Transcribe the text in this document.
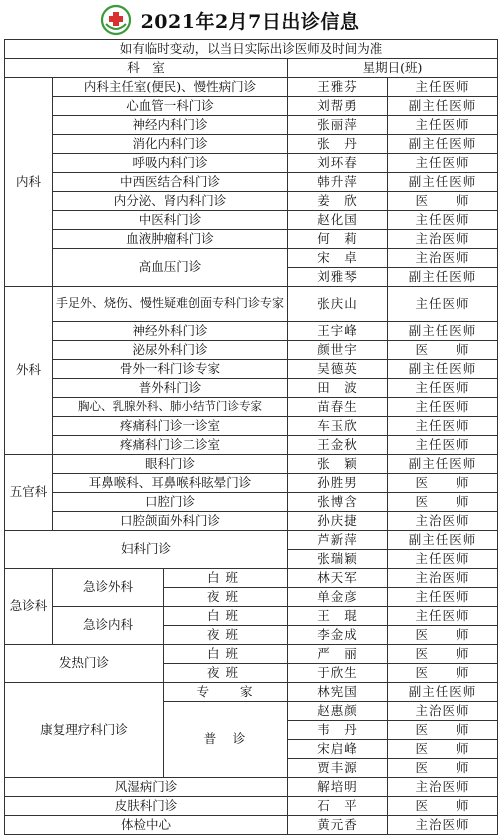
2021年2月7日出诊信息
如有临时变动，以当日实际出诊医师及时间为准				
科　室			星期日(班)	
内科	内科主任室(便民)、慢性病门诊		王雅芬	主任医师
	心血管一科门诊		刘帮勇	副主任医师
	神经内科门诊		张丽萍	主任医师
	消化内科门诊		张　丹	副主任医师
	呼吸内科门诊		刘环春	主任医师
	中西医结合科门诊		韩升萍	副主任医师
	内分泌、肾内科门诊		姜　欣	医　　师
	中医科门诊		赵化国	主任医师
	血液肿瘤科门诊		何　莉	主治医师
	高血压门诊		宋　卓	主治医师
			刘雅琴	副主任医师
外科	手足外、烧伤、慢性疑难创面专科门诊专家		张庆山	主任医师
	神经外科门诊		王宇峰	副主任医师
	泌尿外科门诊		颜世宇	医　　师
	骨外一科门诊专家		吴德英	副主任医师
	普外科门诊		田　波	主任医师
	胸心、乳腺外科、肺小结节门诊专家		苗春生	主任医师
	疼痛科门诊一诊室		车玉欣	主任医师
	疼痛科门诊二诊室		王金秋	主任医师
五官科	眼科门诊		张　颖	副主任医师
	耳鼻喉科、耳鼻喉科眩晕门诊		孙胜男	医　　师
	口腔门诊		张博含	医　　师
	口腔颌面外科门诊		孙庆捷	主治医师
妇科门诊			芦新萍	副主任医师
			张瑞颖	主任医师
急诊科	急诊外科	白班	林天军	主治医师
		夜班	单金彦	主任医师
	急诊内科	白班	王　琨	主任医师
		夜班	李金成	医　　师
发热门诊		白班	严　丽	医　　师
		夜班	于欣生	医　　师
康复理疗科门诊		专　　家	林宪国	副主任医师
		普　诊	赵惠颜	主治医师
			韦　丹	医　　师
			宋启峰	医　　师
			贾丰源	医　　师
风湿病门诊			解培明	主治医师
皮肤科门诊			石　平	医　　师
体检中心			黄元香	主治医师
